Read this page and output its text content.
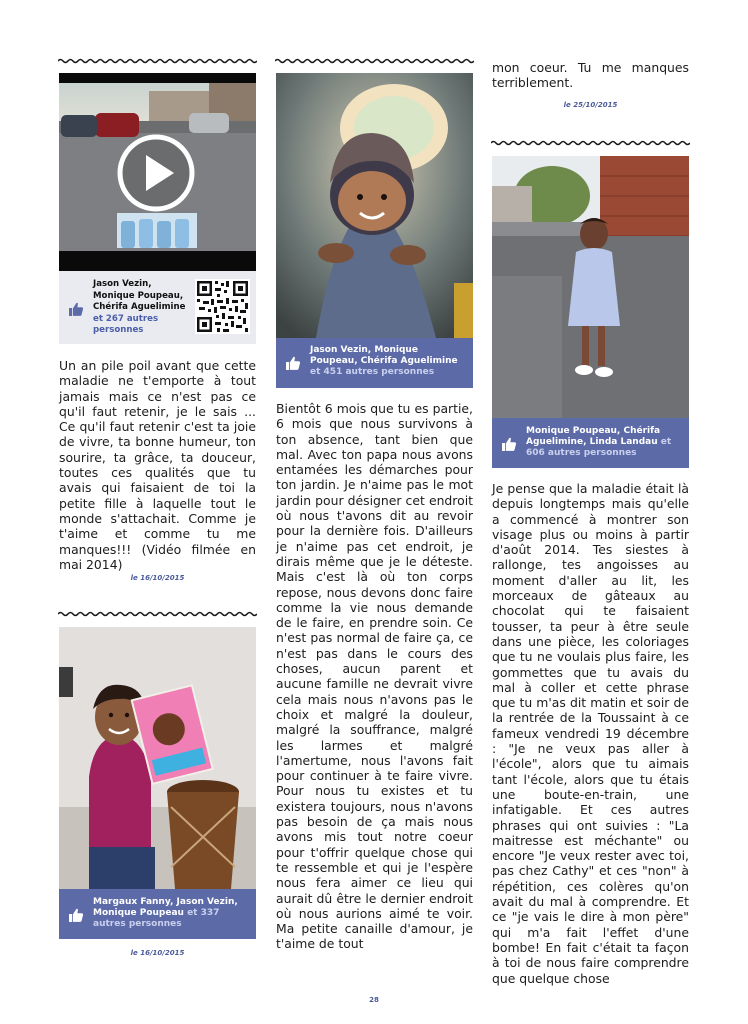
Jason Vezin, Monique Poupeau, Chérifa Aguelimine et 267 autres personnes

Un an pile poil avant que cette maladie ne t'emporte à tout jamais mais ce n'est pas ce qu'il faut retenir, je le sais ... Ce qu'il faut retenir c'est ta joie de vivre, ta bonne humeur, ton sourire, ta grâce, ta douceur, toutes ces qualités que tu avais qui faisaient de toi la petite fille à laquelle tout le monde s'attachait. Comme je t'aime et comme tu me manques!!! (Vidéo filmée en mai 2014)

le 16/10/2015
Margaux Fanny, Jason Vezin, Monique Poupeau et 337 autres personnes
le 16/10/2015
Jason Vezin, Monique Poupeau, Chérifa Aguelimine et 451 autres personnes

Bientôt 6 mois que tu es partie, 6 mois que nous survivons à ton absence, tant bien que mal. Avec ton papa nous avons entamées les démarches pour ton jardin. Je n'aime pas le mot jardin pour désigner cet endroit où nous t'avons dit au revoir pour la dernière fois. D'ailleurs je n'aime pas cet endroit, je dirais même que je le déteste. Mais c'est là où ton corps repose, nous devons donc faire comme la vie nous demande de le faire, en prendre soin. Ce n'est pas normal de faire ça, ce n'est pas dans le cours des choses, aucun parent et aucune famille ne devrait vivre cela mais nous n'avons pas le choix et malgré la douleur, malgré la souffrance, malgré les larmes et malgré l'amertume, nous l'avons fait pour continuer à te faire vivre. Pour nous tu existes et tu existera toujours, nous n'avons pas besoin de ça mais nous avons mis tout notre coeur pour t'offrir quelque chose qui te ressemble et qui je l'espère nous fera aimer ce lieu qui aurait dû être le dernier endroit où nous aurions aimé te voir. Ma petite canaille d'amour, je t'aime de tout

mon coeur. Tu me manques terriblement.

le 25/10/2015
Monique Poupeau, Chérifa Aguelimine, Linda Landau et 606 autres personnes

Je pense que la maladie était là depuis longtemps mais qu'elle a commencé à montrer son visage plus ou moins à partir d'août 2014. Tes siestes à rallonge, tes angoisses au moment d'aller au lit, les morceaux de gâteaux au chocolat qui te faisaient tousser, ta peur à être seule dans une pièce, les coloriages que tu ne voulais plus faire, les gommettes que tu avais du mal à coller et cette phrase que tu m'as dit matin et soir de la rentrée de la Toussaint à ce fameux vendredi 19 décembre : "Je ne veux pas aller à l'école", alors que tu aimais tant l'école, alors que tu étais une boute-en-train, une infatigable. Et ces autres phrases qui ont suivies : "La maitresse est méchante" ou encore "Je veux rester avec toi, pas chez Cathy" et ces "non" à répétition, ces colères qu'on avait du mal à comprendre. Et ce "je vais le dire à mon père" qui m'a fait l'effet d'une bombe! En fait c'était ta façon à toi de nous faire comprendre que quelque chose

28
